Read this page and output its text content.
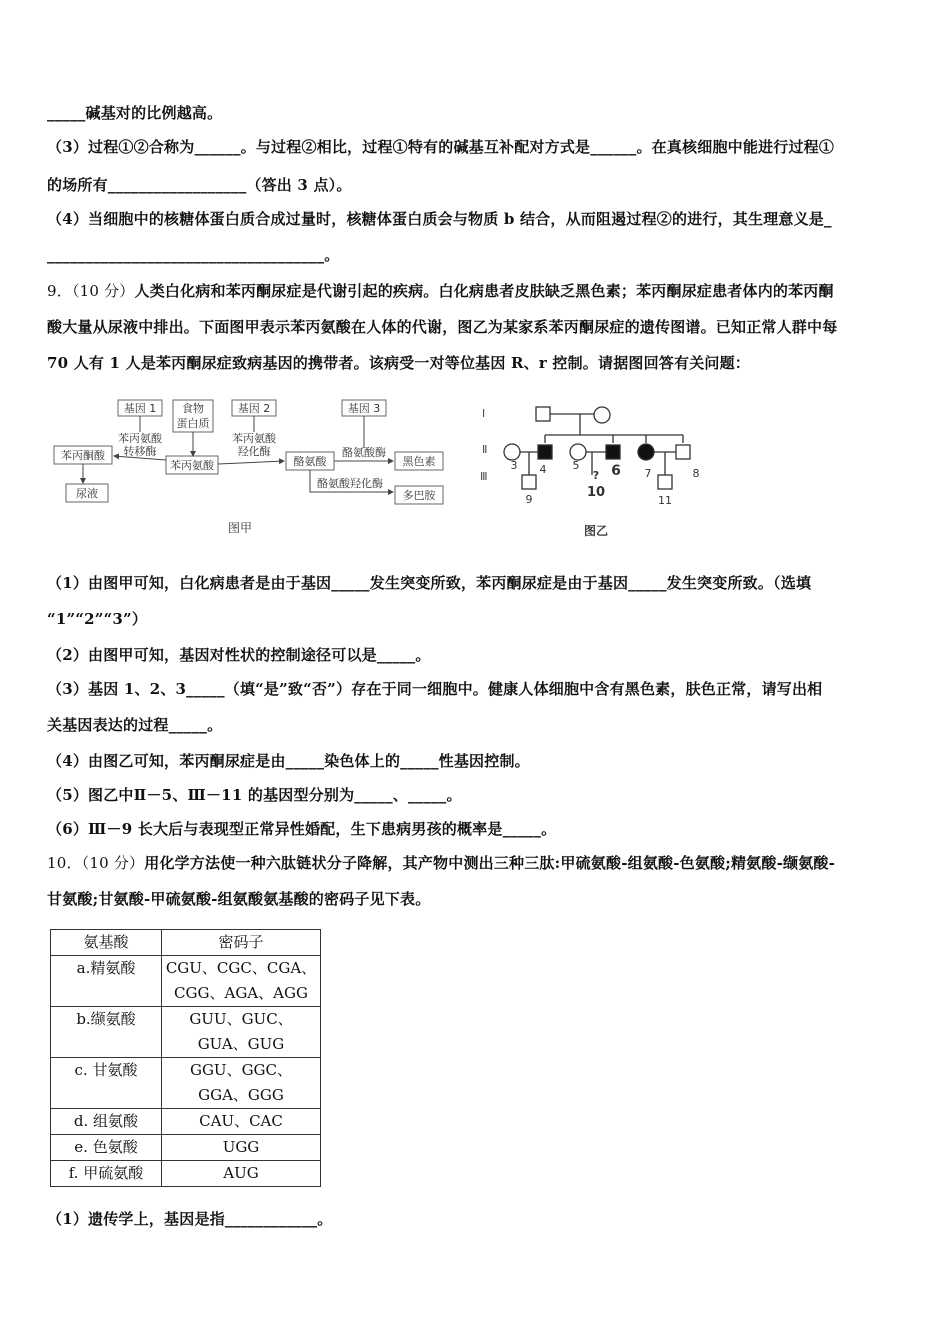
_____碱基对的比例越高。
（3）过程①②合称为______。与过程②相比，过程①特有的碱基互补配对方式是______。在真核细胞中能进行过程①
的场所有__________________（答出 3 点）。
（4）当细胞中的核糖体蛋白质合成过量时，核糖体蛋白质会与物质 b 结合，从而阻遏过程②的进行，其生理意义是_
____________________________________。
9．（10 分）人类白化病和苯丙酮尿症是代谢引起的疾病。白化病患者皮肤缺乏黑色素；苯丙酮尿症患者体内的苯丙酮
酸大量从尿液中排出。下面图甲表示苯丙氨酸在人体的代谢，图乙为某家系苯丙酮尿症的遗传图谱。已知正常人群中每
70 人有 1 人是苯丙酮尿症致病基因的携带者。该病受一对等位基因 R、r 控制。请据图回答有关问题：
基因 1 食物
蛋白质
基因 2	基因 3
苯丙氨酸
转移酶
苯丙酮酸
苯丙氨酸
苯丙氨酸
羟化酶
酪氨酸
酪氨酸酶
黑色素
尿液
酪氨酸羟化酶
多巴胺
图甲
Ⅰ
Ⅱ
Ⅲ
3 4 5 6 7	8
9
?
10
11
图乙
（1）由图甲可知，白化病患者是由于基因_____发生突变所致，苯丙酮尿症是由于基因_____发生突变所致。（选填
“1”“2”“3”）
（2）由图甲可知，基因对性状的控制途径可以是_____。
（3）基因 1、2、3_____（填“是”致“否”）存在于同一细胞中。健康人体细胞中含有黑色素，肤色正常，请写出相
关基因表达的过程_____。
（4）由图乙可知，苯丙酮尿症是由_____染色体上的_____性基因控制。
（5）图乙中Ⅱ－5、Ⅲ－11 的基因型分别为_____、_____。
（6）Ⅲ－9 长大后与表现型正常异性婚配，生下患病男孩的概率是_____。
10．（10 分）用化学方法使一种六肽链状分子降解，其产物中测出三种三肽:甲硫氨酸-组氨酸-色氨酸;精氨酸-缬氨酸-
甘氨酸;甘氨酸-甲硫氨酸-组氨酸氨基酸的密码子见下表。
氨基酸	密码子
a.精氨酸	CGU、CGC、CGA、
CGG、AGA、AGG

b.缬氨酸	GUU、GUC、
GUA、GUG

c. 甘氨酸	GGU、GGC、
GGA、GGG

d. 组氨酸	CAU、CAC
e. 色氨酸	UGG
f. 甲硫氨酸	AUG
（1）遗传学上，基因是指____________。
